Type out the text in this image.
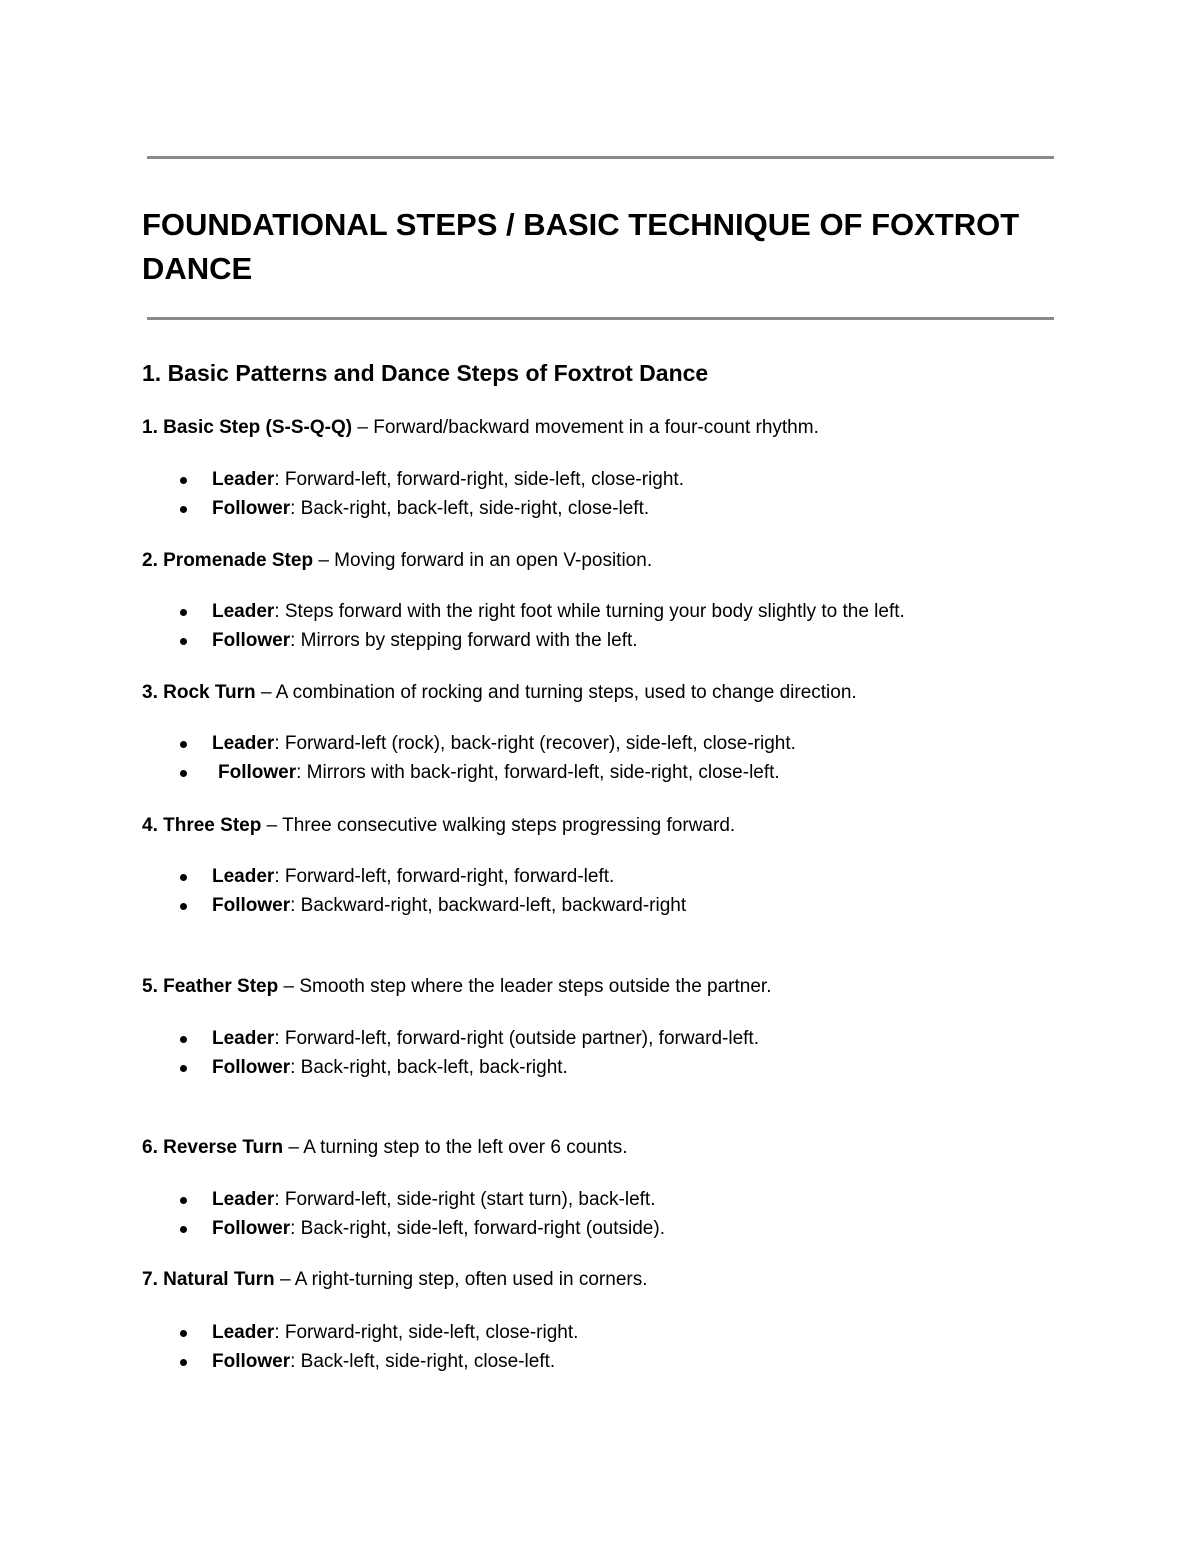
FOUNDATIONAL STEPS / BASIC TECHNIQUE OF FOXTROT DANCE
1. Basic Patterns and Dance Steps of Foxtrot Dance

1. Basic Step (S-S-Q-Q) – Forward/backward movement in a four-count rhythm.

Leader: Forward-left, forward-right, side-left, close-right.
Follower: Back-right, back-left, side-right, close-left.

2. Promenade Step – Moving forward in an open V-position.

Leader: Steps forward with the right foot while turning your body slightly to the left.
Follower: Mirrors by stepping forward with the left.

3. Rock Turn – A combination of rocking and turning steps, used to change direction.

Leader: Forward-left (rock), back-right (recover), side-left, close-right.
Follower: Mirrors with back-right, forward-left, side-right, close-left.

4. Three Step – Three consecutive walking steps progressing forward.

Leader: Forward-left, forward-right, forward-left.
Follower: Backward-right, backward-left, backward-right

5. Feather Step – Smooth step where the leader steps outside the partner.

Leader: Forward-left, forward-right (outside partner), forward-left.
Follower: Back-right, back-left, back-right.

6. Reverse Turn – A turning step to the left over 6 counts.

Leader: Forward-left, side-right (start turn), back-left.
Follower: Back-right, side-left, forward-right (outside).

7. Natural Turn – A right-turning step, often used in corners.

Leader: Forward-right, side-left, close-right.
Follower: Back-left, side-right, close-left.
